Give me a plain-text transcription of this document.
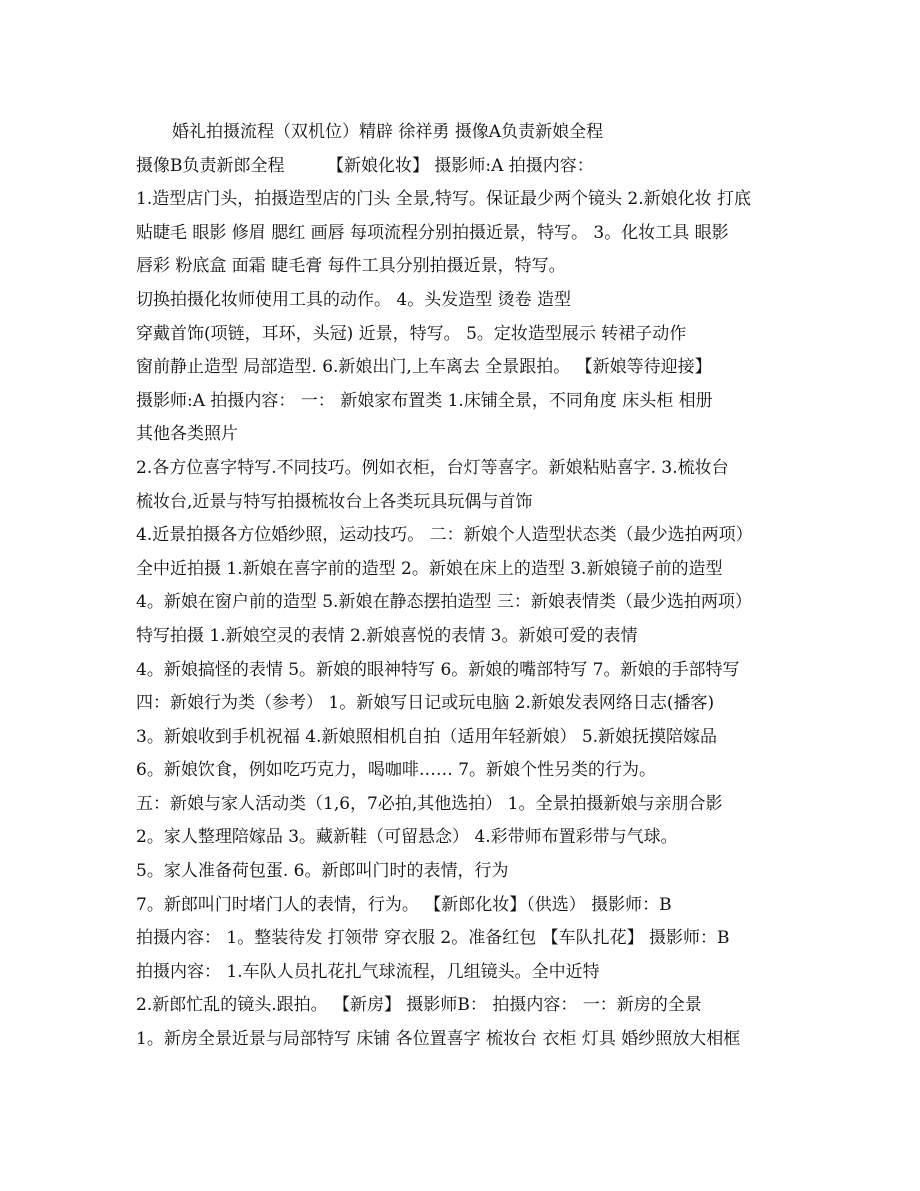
婚礼拍摄流程（双机位）精辟 徐祥勇 摄像A负责新娘全程
摄像B负责新郎全程　　　【新娘化妆】 摄影师:A 拍摄内容：
1.造型店门头，拍摄造型店的门头 全景,特写。保证最少两个镜头 2.新娘化妆 打底
贴睫毛 眼影 修眉 腮红 画唇 每项流程分别拍摄近景，特写。 3。化妆工具 眼影
唇彩 粉底盒 面霜 睫毛膏 每件工具分别拍摄近景，特写。
切换拍摄化妆师使用工具的动作。 4。头发造型 烫卷 造型
穿戴首饰(项链，耳环，头冠) 近景，特写。 5。定妆造型展示 转裙子动作
窗前静止造型 局部造型. 6.新娘出门,上车离去 全景跟拍。 【新娘等待迎接】
摄影师:A 拍摄内容： 一： 新娘家布置类 1.床铺全景，不同角度 床头柜 相册
其他各类照片
2.各方位喜字特写.不同技巧。例如衣柜，台灯等喜字。新娘粘贴喜字. 3.梳妆台
梳妆台,近景与特写拍摄梳妆台上各类玩具玩偶与首饰
4.近景拍摄各方位婚纱照，运动技巧。 二：新娘个人造型状态类（最少选拍两项）
全中近拍摄 1.新娘在喜字前的造型 2。新娘在床上的造型 3.新娘镜子前的造型
4。新娘在窗户前的造型 5.新娘在静态摆拍造型 三：新娘表情类（最少选拍两项）
特写拍摄 1.新娘空灵的表情 2.新娘喜悦的表情 3。新娘可爱的表情
4。新娘搞怪的表情 5。新娘的眼神特写 6。新娘的嘴部特写 7。新娘的手部特写
四：新娘行为类（参考） 1。新娘写日记或玩电脑 2.新娘发表网络日志(播客)
3。新娘收到手机祝福 4.新娘照相机自拍（适用年轻新娘） 5.新娘抚摸陪嫁品
6。新娘饮食，例如吃巧克力，喝咖啡…… 7。新娘个性另类的行为。
五：新娘与家人活动类（1,6，7必拍,其他选拍） 1。全景拍摄新娘与亲朋合影
2。家人整理陪嫁品 3。藏新鞋（可留悬念） 4.彩带师布置彩带与气球。
5。家人准备荷包蛋. 6。新郎叫门时的表情，行为
7。新郎叫门时堵门人的表情，行为。 【新郎化妆】（供选） 摄影师：B
拍摄内容： 1。整装待发 打领带 穿衣服 2。准备红包 【车队扎花】 摄影师：B
拍摄内容： 1.车队人员扎花扎气球流程，几组镜头。全中近特
2.新郎忙乱的镜头.跟拍。 【新房】 摄影师B： 拍摄内容： 一：新房的全景
1。新房全景近景与局部特写 床铺 各位置喜字 梳妆台 衣柜 灯具 婚纱照放大相框
